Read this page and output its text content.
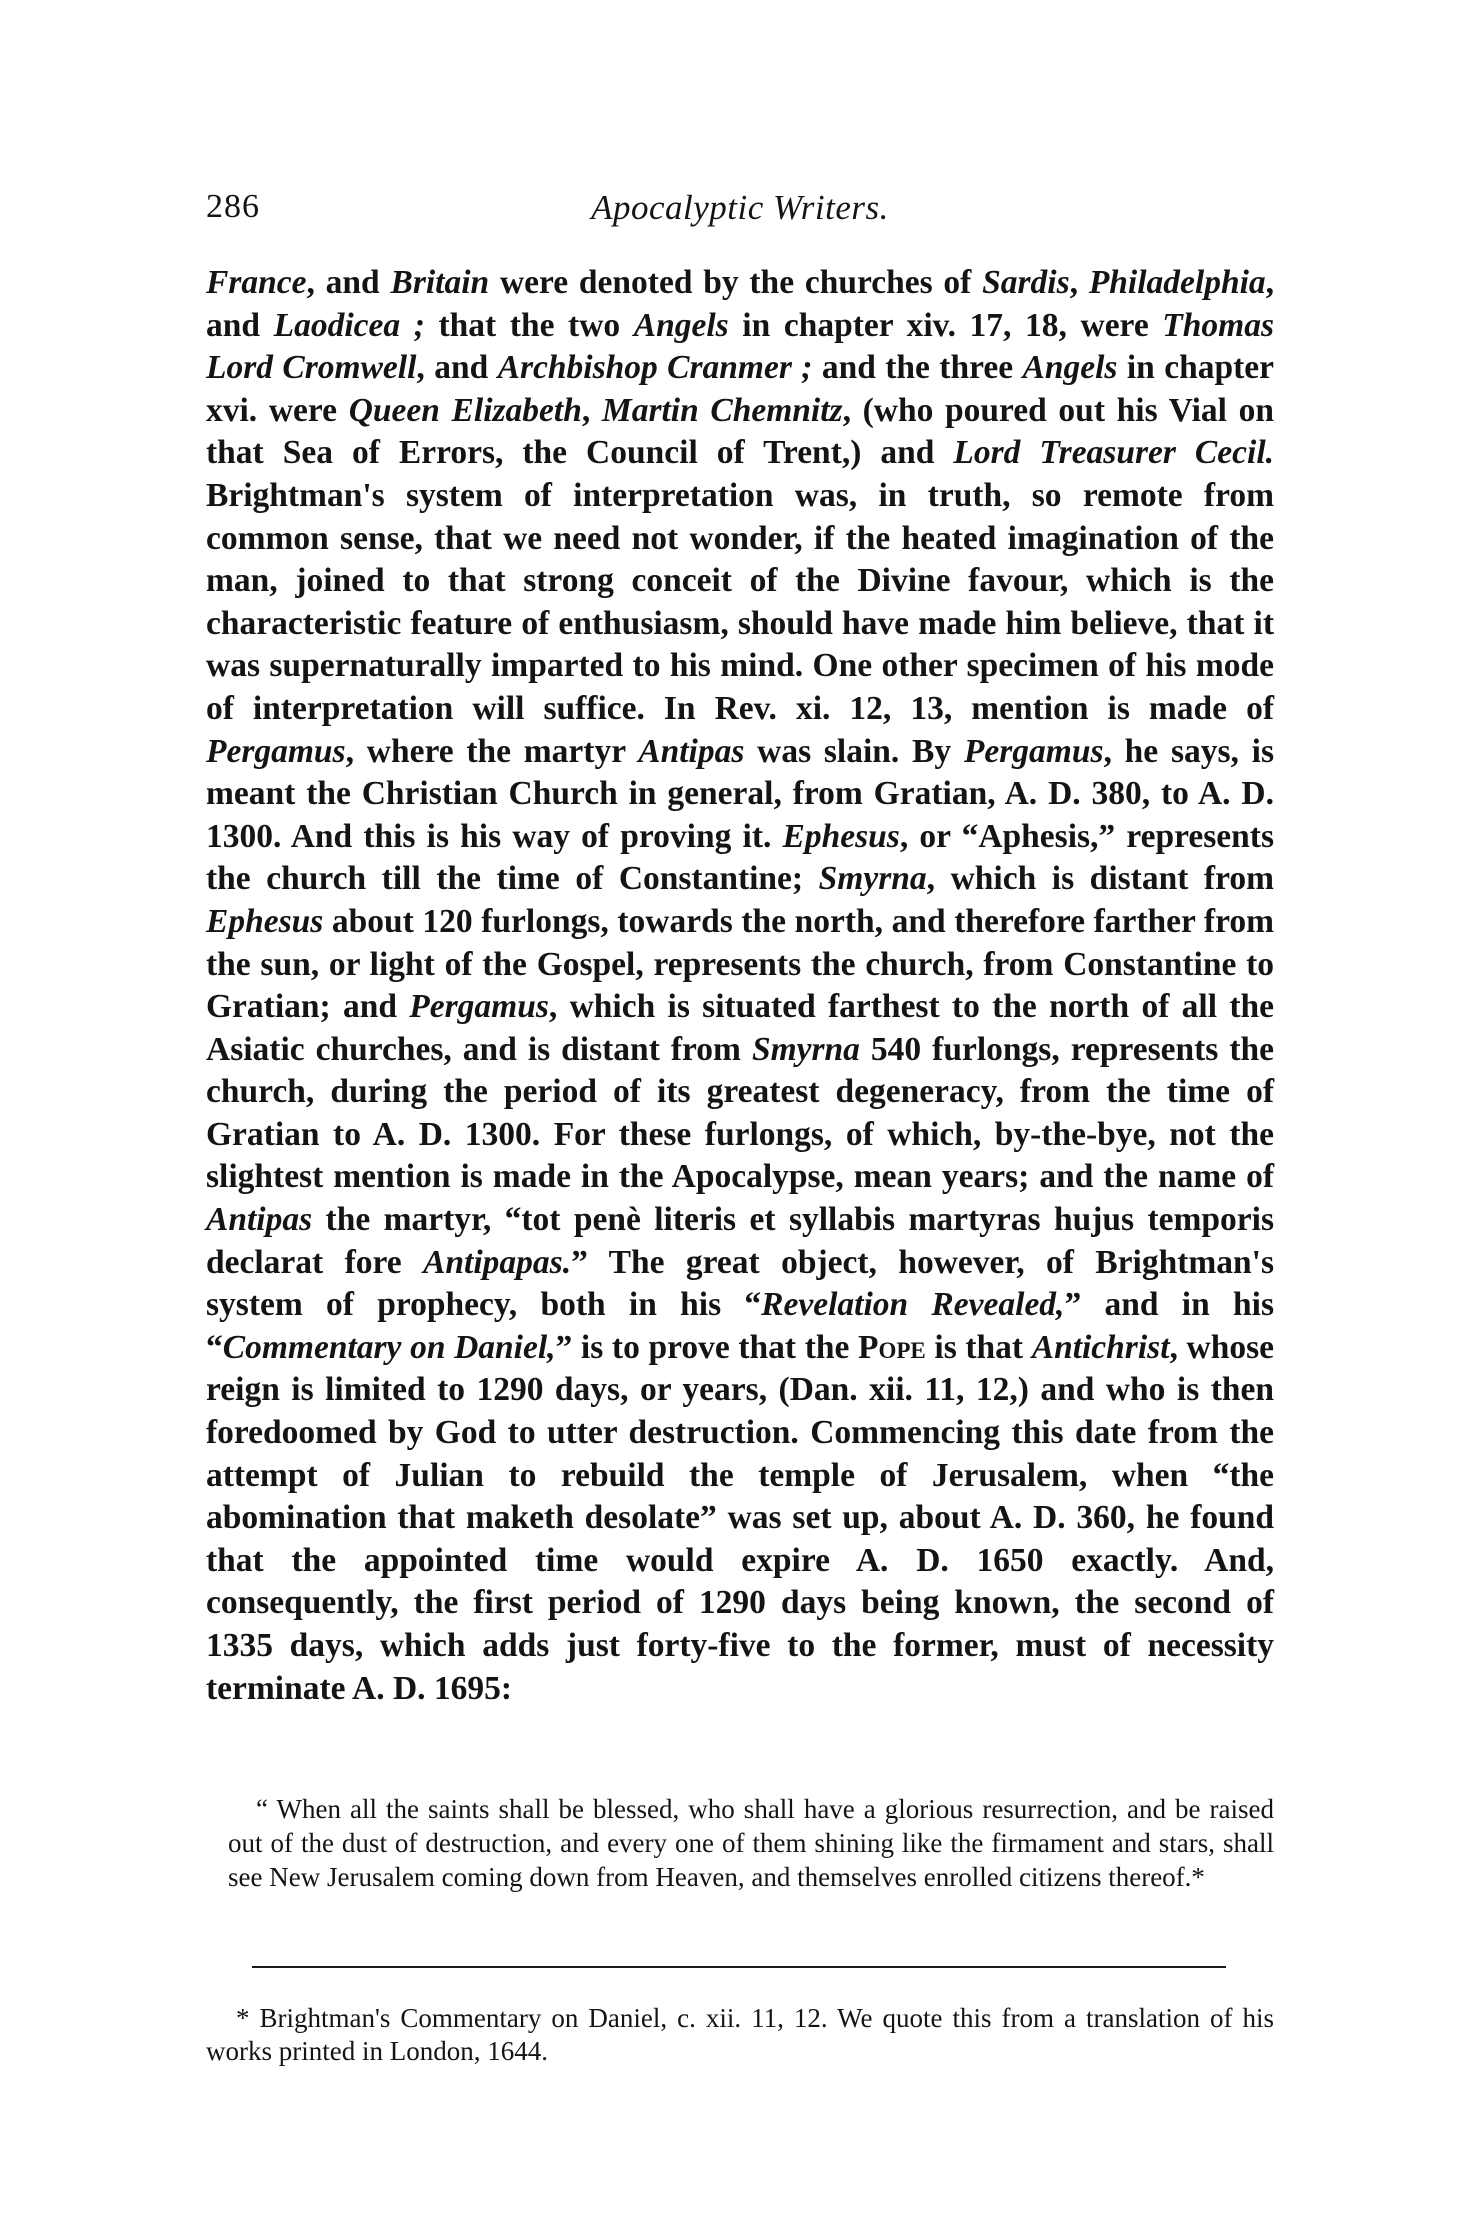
286	Apocalyptic Writers.

France, and Britain were denoted by the churches of Sardis, Philadelphia, and Laodicea ; that the two Angels in chapter xiv. 17, 18, were Thomas Lord Cromwell, and Archbishop Cranmer ; and the three Angels in chapter xvi. were Queen Elizabeth, Martin Chemnitz, (who poured out his Vial on that Sea of Errors, the Council of Trent,) and Lord Treasurer Cecil. Brightman's system of interpretation was, in truth, so remote from common sense, that we need not wonder, if the heated imagination of the man, joined to that strong conceit of the Divine favour, which is the characteristic feature of enthusiasm, should have made him believe, that it was supernaturally imparted to his mind. One other specimen of his mode of interpretation will suffice. In Rev. xi. 12, 13, mention is made of Pergamus, where the martyr Antipas was slain. By Pergamus, he says, is meant the Christian Church in general, from Gratian, A. D. 380, to A. D. 1300. And this is his way of proving it. Ephesus, or “Aphesis,” represents the church till the time of Constantine; Smyrna, which is distant from Ephesus about 120 furlongs, towards the north, and therefore farther from the sun, or light of the Gospel, represents the church, from Constantine to Gratian; and Pergamus, which is situated farthest to the north of all the Asiatic churches, and is distant from Smyrna 540 furlongs, represents the church, during the period of its greatest degeneracy, from the time of Gratian to A. D. 1300. For these furlongs, of which, by-the-bye, not the slightest mention is made in the Apocalypse, mean years; and the name of Antipas the martyr, “tot penè literis et syllabis martyras hujus temporis declarat fore Antipapas.” The great object, however, of Brightman's system of prophecy, both in his “Revelation Revealed,” and in his “Commentary on Daniel,” is to prove that the Pope is that Antichrist, whose reign is limited to 1290 days, or years, (Dan. xii. 11, 12,) and who is then foredoomed by God to utter destruction. Commencing this date from the attempt of Julian to rebuild the temple of Jerusalem, when “the abomination that maketh desolate” was set up, about A. D. 360, he found that the appointed time would expire A. D. 1650 exactly. And, consequently, the first period of 1290 days being known, the second of 1335 days, which adds just forty-five to the former, must of necessity terminate A. D. 1695:

“ When all the saints shall be blessed, who shall have a glorious resurrection, and be raised out of the dust of destruction, and every one of them shining like the firmament and stars, shall see New Jerusalem coming down from Heaven, and themselves enrolled citizens thereof.*

* Brightman's Commentary on Daniel, c. xii. 11, 12. We quote this from a translation of his works printed in London, 1644.
